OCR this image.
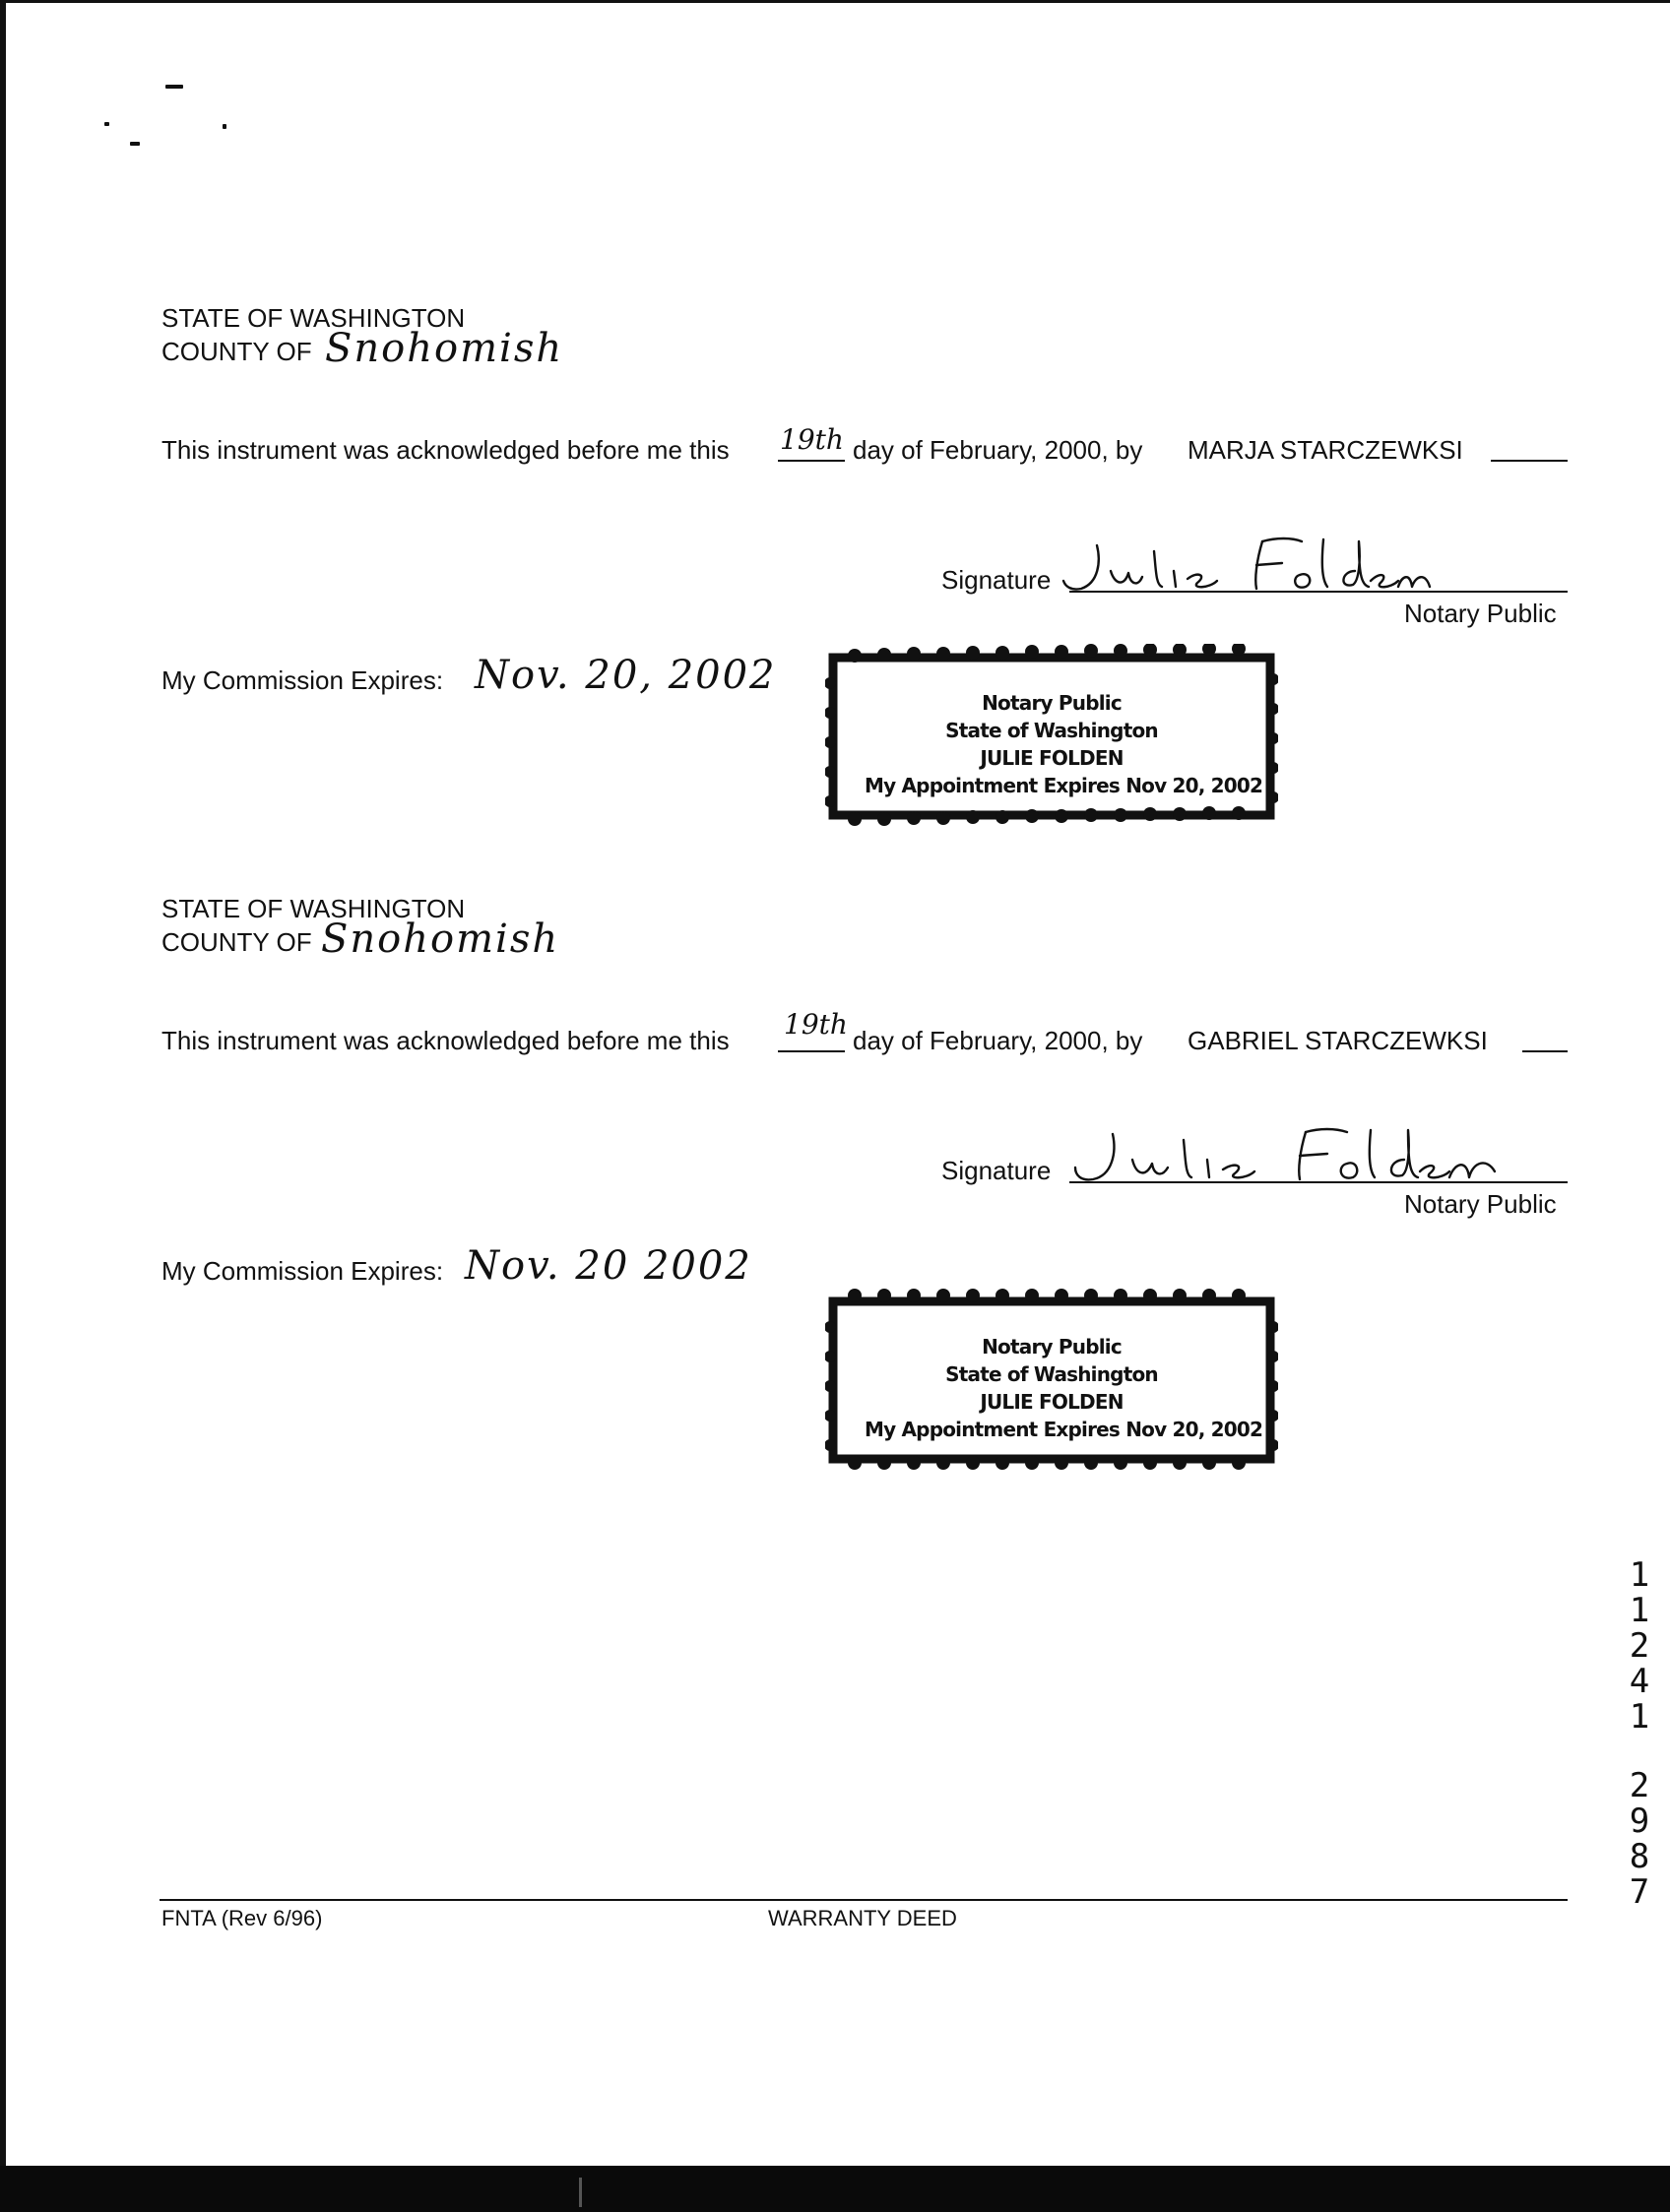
STATE OF WASHINGTON
COUNTY OF Snohomish
This instrument was acknowledged before me this 19th day of February, 2000, by MARJA STARCZEWKSI
Signature
Notary Public
My Commission Expires: Nov. 20, 2002
Notary Public
State of Washington
JULIE FOLDEN
My Appointment Expires Nov 20, 2002
STATE OF WASHINGTON
COUNTY OF Snohomish
This instrument was acknowledged before me this 19th day of February, 2000, by GABRIEL STARCZEWKSI
Signature
Notary Public
My Commission Expires: Nov. 20 2002
Notary Public
State of Washington
JULIE FOLDEN
My Appointment Expires Nov 20, 2002
1
1
2
4
1
2
9
8
7
FNTA (Rev 6/96)	WARRANTY DEED
